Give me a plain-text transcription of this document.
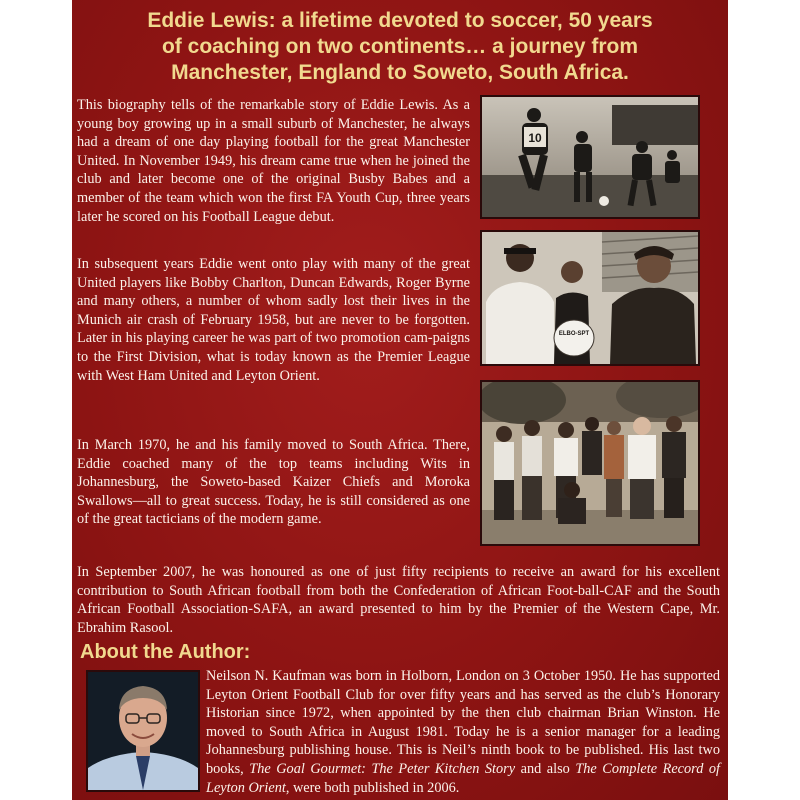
Eddie Lewis: a lifetime devoted to soccer, 50 years
of coaching on two continents… a journey from
Manchester, England to Soweto, South Africa.

This biography tells of the remarkable story of Eddie Lewis. As a young boy growing up in a small suburb of Manchester, he always had a dream of one day playing football for the great Manchester United. In November 1949, his dream came true when he joined the club and later become one of the original Busby Babes and a member of the team which won the first FA Youth Cup, three years later he scored on his Football League debut.

In subsequent years Eddie went onto play with many of the great United players like Bobby Charlton, Duncan Edwards, Roger Byrne and many others, a number of whom sadly lost their lives in the Munich air crash of February 1958, but are never to be forgotten. Later in his playing career he was part of two promotion cam-paigns to the First Division, what is today known as the Premier League with West Ham United and Leyton Orient.

In March 1970, he and his family moved to South Africa. There, Eddie coached many of the top teams including Wits in Johannesburg, the Soweto-based Kaizer Chiefs and Moroka Swallows—all to great success. Today, he is still considered as one of the great tacticians of the modern game.

In September 2007, he was honoured as one of just fifty recipients to receive an award for his excellent contribution to South African football from both the Confederation of African Foot-ball-CAF and the South African Football Association-SAFA, an award presented to him by the Premier of the Western Cape, Mr. Ebrahim Rasool.

10
ELBO-SPT
About the Author:

Neilson N. Kaufman was born in Holborn, London on 3 October 1950. He has supported Leyton Orient Football Club for over fifty years and has served as the club’s Honorary Historian since 1972, when appointed by the then club chairman Brian Winston. He moved to South Africa in August 1981. Today he is a senior manager for a leading Johannesburg publishing house. This is Neil’s ninth book to be published. His last two books, The Goal Gourmet: The Peter Kitchen Story and also The Complete Record of Leyton Orient, were both published in 2006.
